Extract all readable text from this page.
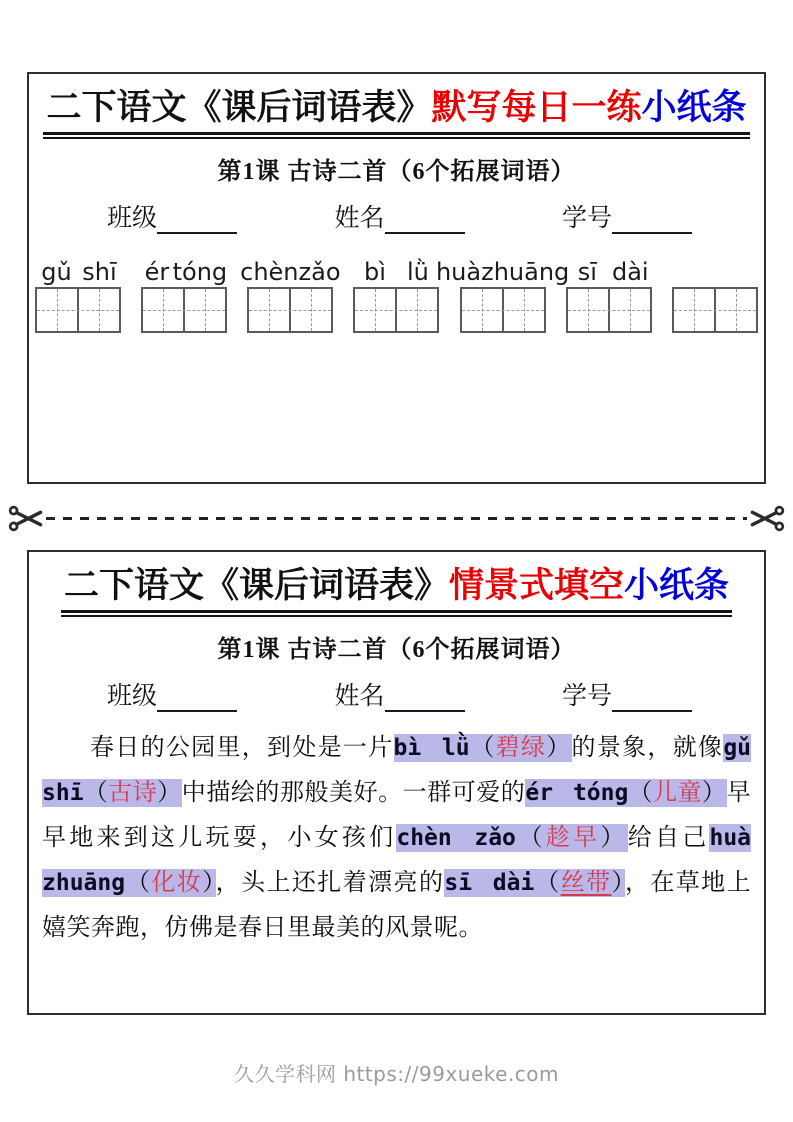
二下语文《课后词语表》默写每日一练小纸条
第1课 古诗二首（6个拓展词语）
班级	姓名	学号
gǔ shī ér tóng chèn zǎo bì lǜ huà zhuāng sī dài
二下语文《课后词语表》情景式填空小纸条
第1课 古诗二首（6个拓展词语）
班级	姓名	学号

春日的公园里，到处是一片bì lǜ（碧绿）的景象，就像gǔ shī（古诗）中描绘的那般美好。一群可爱的ér tóng（儿童）早早地来到这儿玩耍，小女孩们chèn zǎo（趁早）给自己huà zhuāng（化妆），头上还扎着漂亮的sī dài（丝带），在草地上嬉笑奔跑，仿佛是春日里最美的风景呢。

久久学科网 https://99xueke.com
